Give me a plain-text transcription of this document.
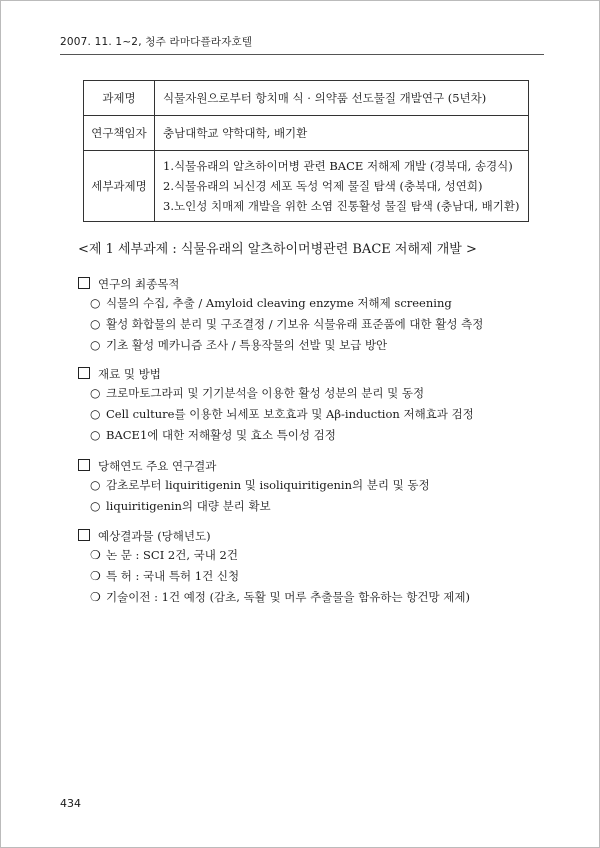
2007. 11. 1~2, 청주 라마다플라자호텔
과제명	식물자원으로부터 항치매 식 · 의약품 선도물질 개발연구 (5년차)
연구책임자	충남대학교 약학대학, 배기환
세부과제명	1.식물유래의 알츠하이머병 관련 BACE 저해제 개발 (경북대, 송경식)
2.식물유래의 뇌신경 세포 독성 억제 물질 탐색 (충북대, 성연희)
3.노인성 치매제 개발을 위한 소염 진통활성 물질 탐색 (충남대, 배기환)
<제 1 세부과제 : 식물유래의 알츠하이머병관련 BACE 저해제 개발 >
연구의 최종목적
○ 식물의 수집, 추출 / Amyloid cleaving enzyme 저해제 screening
○ 활성 화합물의 분리 및 구조결정 / 기보유 식물유래 표준품에 대한 활성 측정
○ 기초 활성 메카니즘 조사 / 특용작물의 선발 및 보급 방안
재료 및 방법
○ 크로마토그라피 및 기기분석을 이용한 활성 성분의 분리 및 동정
○ Cell culture를 이용한 뇌세포 보호효과 및 Aβ-induction 저해효과 검정
○ BACE1에 대한 저해활성 및 효소 특이성 검정
당해연도 주요 연구결과
○ 감초로부터 liquiritigenin 및 isoliquiritigenin의 분리 및 동정
○ liquiritigenin의 대량 분리 확보
예상결과물 (당해년도)
❍ 논 문 : SCI 2건, 국내 2건
❍ 특 허 : 국내 특허 1건 신청
❍ 기술이전 : 1건 예정 (감초, 독활 및 머루 추출물을 함유하는 항건망 제제)
434
